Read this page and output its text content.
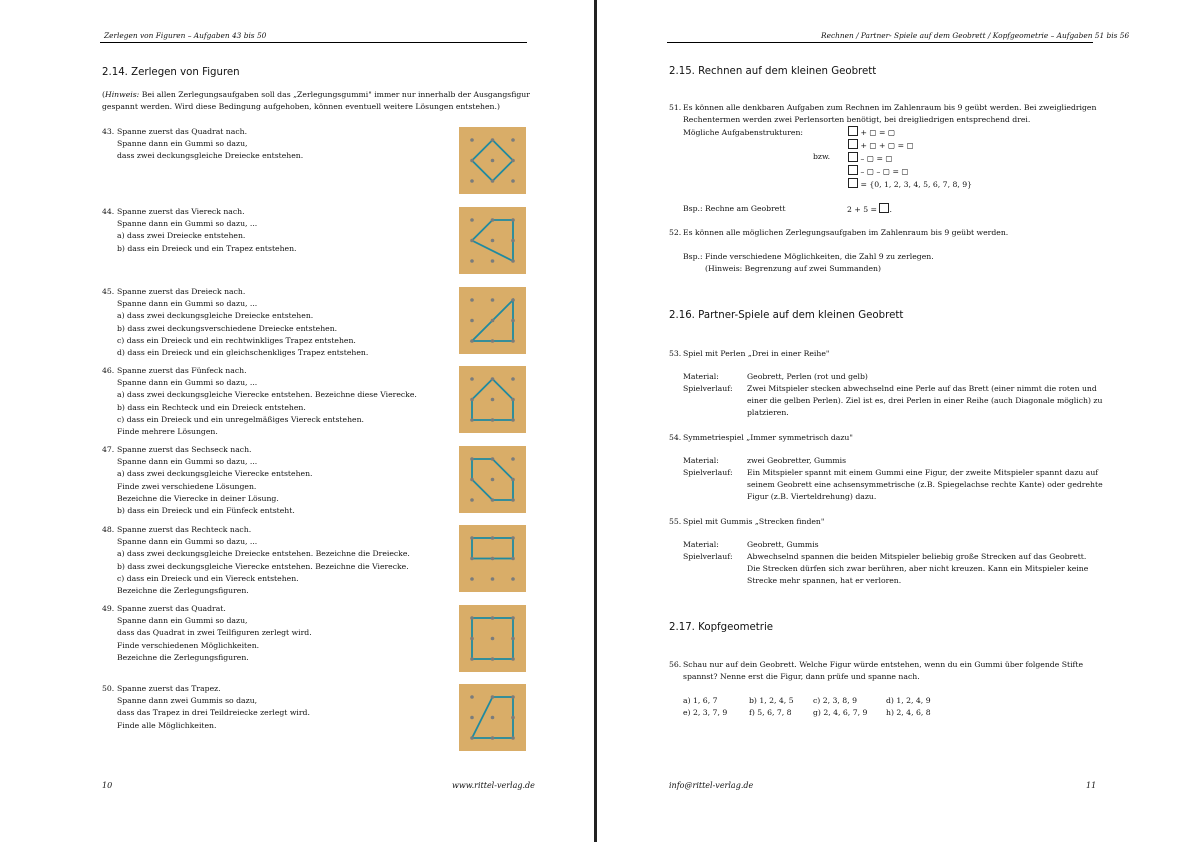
Zerlegen von Figuren – Aufgaben 43 bis 50
2.14. Zerlegen von Figuren
(Hinweis: Bei allen Zerlegungsaufgaben soll das „Zerlegungsgummi" immer nur innerhalb der Ausgangsfigur
gespannt werden. Wird diese Bedingung aufgehoben, können eventuell weitere Lösungen entstehen.)
43. Spanne zuerst das Quadrat nach.
Spanne dann ein Gummi so dazu,
dass zwei deckungsgleiche Dreiecke entstehen.
44. Spanne zuerst das Viereck nach.
Spanne dann ein Gummi so dazu, ...
a) dass zwei Dreiecke entstehen.
b) dass ein Dreieck und ein Trapez entstehen.
45. Spanne zuerst das Dreieck nach.
Spanne dann ein Gummi so dazu, ...
a) dass zwei deckungsgleiche Dreiecke entstehen.
b) dass zwei deckungsverschiedene Dreiecke entstehen.
c) dass ein Dreieck und ein rechtwinkliges Trapez entstehen.
d) dass ein Dreieck und ein gleichschenkliges Trapez entstehen.
46. Spanne zuerst das Fünfeck nach.
Spanne dann ein Gummi so dazu, ...
a) dass zwei deckungsgleiche Vierecke entstehen. Bezeichne diese Vierecke.
b) dass ein Rechteck und ein Dreieck entstehen.
c) dass ein Dreieck und ein unregelmäßiges Viereck entstehen.
Finde mehrere Lösungen.
47. Spanne zuerst das Sechseck nach.
Spanne dann ein Gummi so dazu, ...
a) dass zwei deckungsgleiche Vierecke entstehen.
Finde zwei verschiedene Lösungen.
Bezeichne die Vierecke in deiner Lösung.
b) dass ein Dreieck und ein Fünfeck entsteht.
48. Spanne zuerst das Rechteck nach.
Spanne dann ein Gummi so dazu, ...
a) dass zwei deckungsgleiche Dreiecke entstehen. Bezeichne die Dreiecke.
b) dass zwei deckungsgleiche Vierecke entstehen. Bezeichne die Vierecke.
c) dass ein Dreieck und ein Viereck entstehen.
Bezeichne die Zerlegungsfiguren.
49. Spanne zuerst das Quadrat.
Spanne dann ein Gummi so dazu,
dass das Quadrat in zwei Teilfiguren zerlegt wird.
Finde verschiedenen Möglichkeiten.
Bezeichne die Zerlegungsfiguren.
50. Spanne zuerst das Trapez.
Spanne dann zwei Gummis so dazu,
dass das Trapez in drei Teildreiecke zerlegt wird.
Finde alle Möglichkeiten.
10	www.rittel-verlag.de
Rechnen / Partner- Spiele auf dem Geobrett / Kopfgeometrie – Aufgaben 51 bis 56
2.15. Rechnen auf dem kleinen Geobrett
51. Es können alle denkbaren Aufgaben zum Rechnen im Zahlenraum bis 9 geübt werden. Bei zweigliedrigen
Rechentermen werden zwei Perlensorten benötigt, bei dreigliedrigen entsprechend drei.
Mögliche Aufgabenstrukturen:
bzw.
+ ▢ = ▢
+ ▢ + ▢ = ▢
– ▢ = ▢
– ▢ – ▢ = ▢
= {0, 1, 2, 3, 4, 5, 6, 7, 8, 9}
Bsp.: Rechne am Geobrett	2 + 5 = .
52. Es können alle möglichen Zerlegungsaufgaben im Zahlenraum bis 9 geübt werden.
Bsp.: Finde verschiedene Möglichkeiten, die Zahl 9 zu zerlegen.
(Hinweis: Begrenzung auf zwei Summanden)
2.16. Partner-Spiele auf dem kleinen Geobrett
53. Spiel mit Perlen „Drei in einer Reihe"
Material:	Geobrett, Perlen (rot und gelb)
Spielverlauf: Zwei Mitspieler stecken abwechselnd eine Perle auf das Brett (einer nimmt die roten und
einer die gelben Perlen). Ziel ist es, drei Perlen in einer Reihe (auch Diagonale möglich) zu
platzieren.
54. Symmetriespiel „Immer symmetrisch dazu"
Material:	zwei Geobretter, Gummis
Spielverlauf: Ein Mitspieler spannt mit einem Gummi eine Figur, der zweite Mitspieler spannt dazu auf
seinem Geobrett eine achsensymmetrische (z.B. Spiegelachse rechte Kante) oder gedrehte
Figur (z.B. Vierteldrehung) dazu.
55. Spiel mit Gummis „Strecken finden"
Material:	Geobrett, Gummis
Spielverlauf: Abwechselnd spannen die beiden Mitspieler beliebig große Strecken auf das Geobrett.
Die Strecken dürfen sich zwar berühren, aber nicht kreuzen. Kann ein Mitspieler keine
Strecke mehr spannen, hat er verloren.
2.17. Kopfgeometrie
56. Schau nur auf dein Geobrett. Welche Figur würde entstehen, wenn du ein Gummi über folgende Stifte
spannst? Nenne erst die Figur, dann prüfe und spanne nach.
a) 1, 6, 7	b) 1, 2, 4, 5	c) 2, 3, 8, 9	d) 1, 2, 4, 9
e) 2, 3, 7, 9	f) 5, 6, 7, 8	g) 2, 4, 6, 7, 9 h) 2, 4, 6, 8
info@rittel-verlag.de	11
